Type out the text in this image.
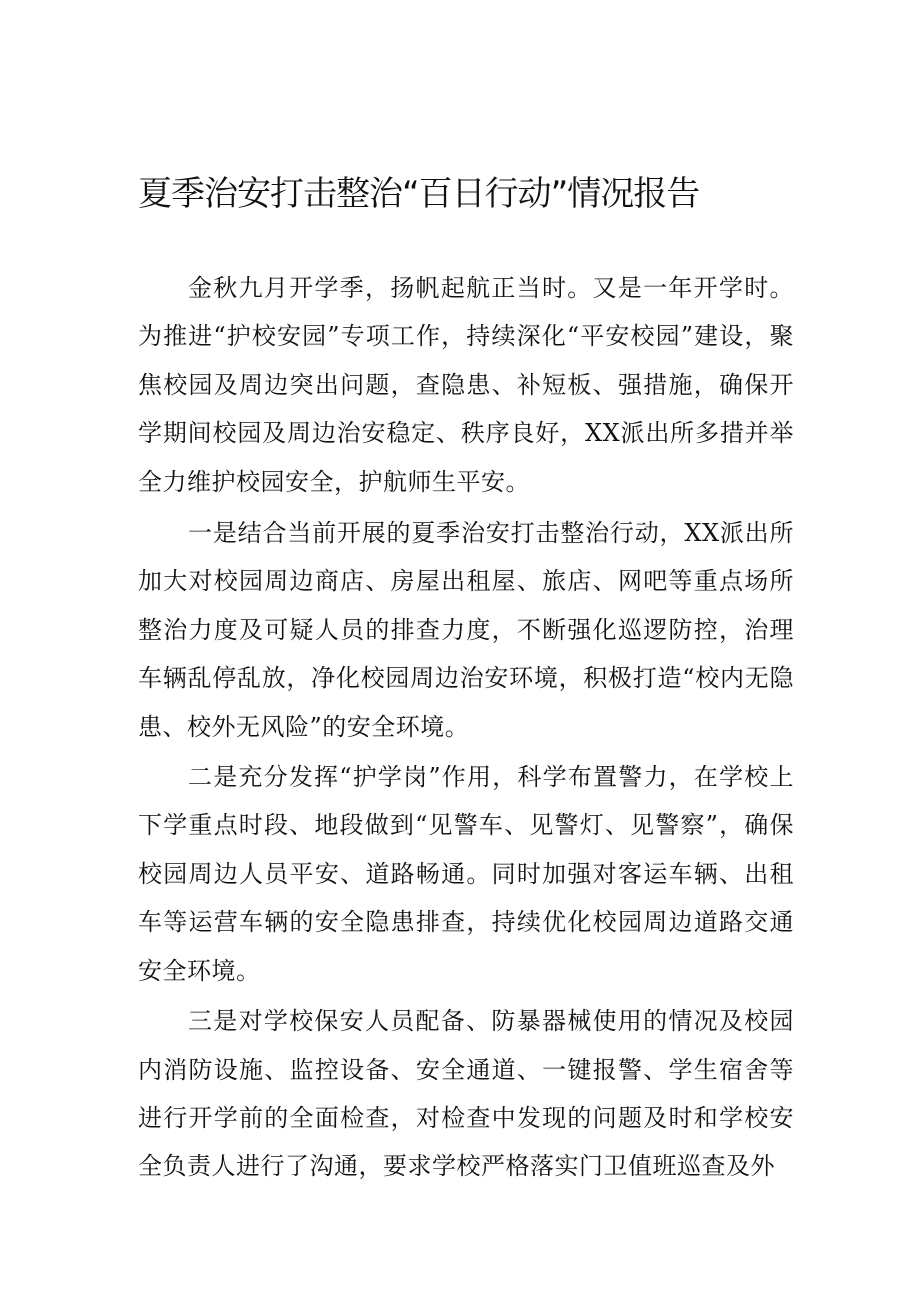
夏季治安打击整治“百日行动”情况报告

金秋九月开学季，扬帆起航正当时。又是一年开学时。为推进“护校安园”专项工作，持续深化“平安校园”建设，聚焦校园及周边突出问题，查隐患、补短板、强措施，确保开学期间校园及周边治安稳定、秩序良好，XX派出所多措并举全力维护校园安全，护航师生平安。

一是结合当前开展的夏季治安打击整治行动，XX派出所加大对校园周边商店、房屋出租屋、旅店、网吧等重点场所整治力度及可疑人员的排查力度，不断强化巡逻防控，治理车辆乱停乱放，净化校园周边治安环境，积极打造“校内无隐患、校外无风险”的安全环境。

二是充分发挥“护学岗”作用，科学布置警力，在学校上下学重点时段、地段做到“见警车、见警灯、见警察”，确保校园周边人员平安、道路畅通。同时加强对客运车辆、出租车等运营车辆的安全隐患排查，持续优化校园周边道路交通安全环境。

三是对学校保安人员配备、防暴器械使用的情况及校园内消防设施、监控设备、安全通道、一键报警、学生宿舍等进行开学前的全面检查，对检查中发现的问题及时和学校安全负责人进行了沟通，要求学校严格落实门卫值班巡查及外
